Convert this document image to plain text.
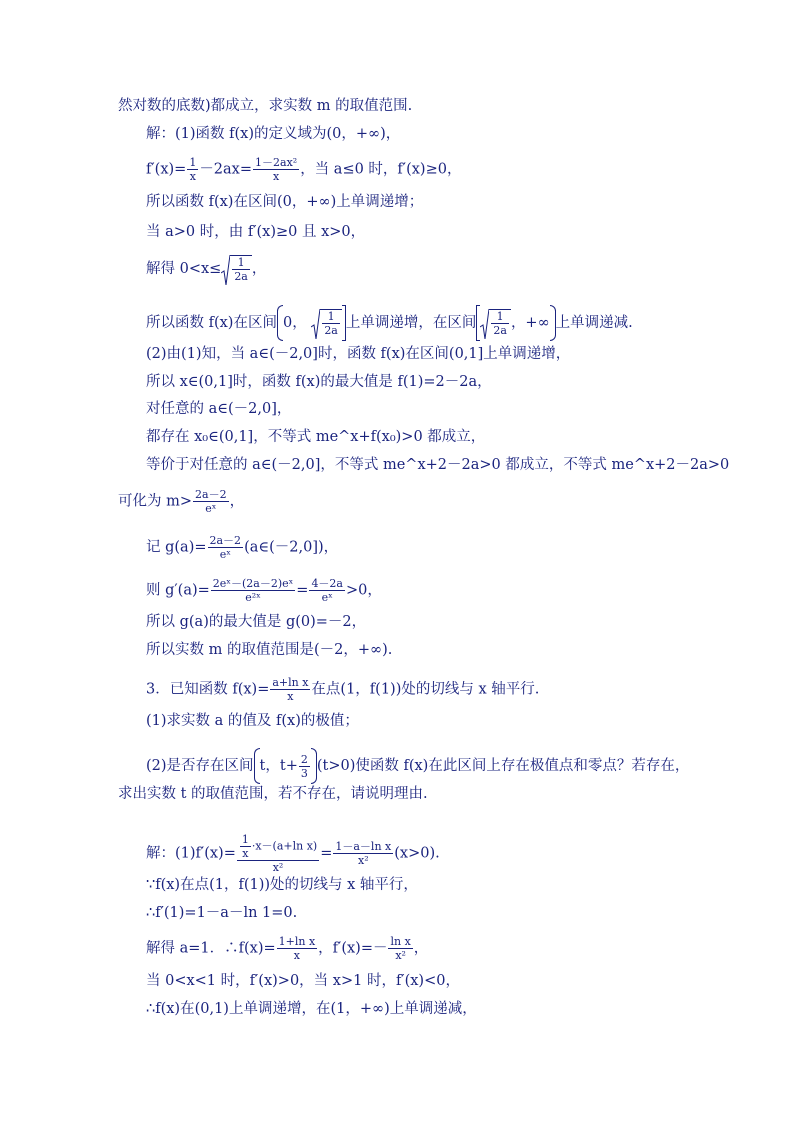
然对数的底数)都成立，求实数 m 的取值范围.
解：(1)函数 f(x)的定义域为(0，+∞)，
$f'(x)= \frac{1}{x} -2ax= \frac{\text{1－2ax²}}{x}$ ，当 a≤0 时，f′(x)≥0，
所以函数 f(x)在区间(0，+∞)上单调递增；
当 a>0 时，由 f′(x)≥0 且 x>0，
解得 $0<x\le \frac{1}{2a}$ ，
所以函数 f(x)在区间 0， $\frac{1}{2a}$ 上单调递增，在区间 $\frac{1}{2a}$ ，+∞ 上单调递减.
(2)由(1)知，当 a∈(－2,0]时，函数 f(x)在区间(0,1]上单调递增，
所以 x∈(0,1]时，函数 f(x)的最大值是 f(1)=2－2a，
对任意的 a∈(－2,0]，
都存在 x₀∈(0,1]，不等式 me^x+f(x₀)>0 都成立，
等价于对任意的 a∈(－2,0]，不等式 me^x+2－2a>0 都成立，不等式 me^x+2－2a>0
可化为 $m> \frac{2a-2}{\text{eˣ}}$ ，
记 $g(a)= \frac{2a-2}{\text{eˣ}}$ (a∈(－2,0])，
则 $g'(a)= \frac{\text{2eˣ－(2a－2)eˣ}}{\text{e²ˣ}} = \frac{4-2a}{\text{eˣ}} >0$，
所以 g(a)的最大值是 g(0)=－2，
所以实数 m 的取值范围是(－2，+∞).
3．已知函数 $f(x)= \frac{\text{a+ln x}}{x}$ 在点(1，f(1))处的切线与 x 轴平行.
(1)求实数 a 的值及 f(x)的极值；
(2)是否存在区间 t，$t+ \frac{2}{3} (t>0)$使函数 f(x)在此区间上存在极值点和零点？若存在，
求出实数 t 的取值范围，若不存在，请说明理由.
解：$(1)f'(x)= \frac{\frac{1}{x} \cdot x-(a+\ln x)}{\text{x²}} = \frac{\text{1－a－ln x}}{\text{x²}} (x>0)$.
∵f(x)在点(1，f(1))处的切线与 x 轴平行，
∴f′(1)=1－a－ln 1=0.
解得 a=1．∴f(x)= $\frac{\text{1+ln x}}{x}$ ，$f'(x)=- \frac{\text{ln x}}{\text{x²}}$ ，
当 0<x<1 时，f′(x)>0，当 x>1 时，f′(x)<0，
∴f(x)在(0,1)上单调递增，在(1，+∞)上单调递减，
